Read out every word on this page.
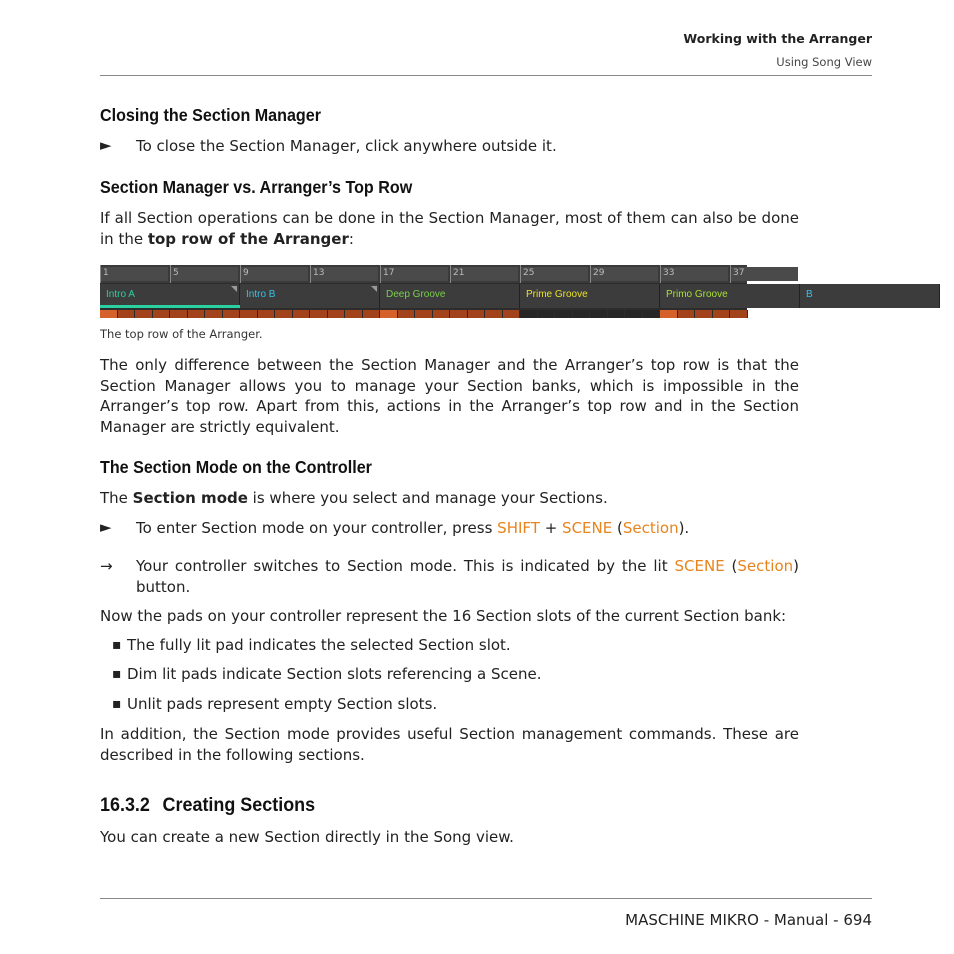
Working with the Arranger
Using Song View
Closing the Section Manager
► To close the Section Manager, click anywhere outside it.
Section Manager vs. Arranger’s Top Row

If all Section operations can be done in the Section Manager, most of them can also be done in the top row of the Arranger:

1	5	9	13	17	21	25	29	33	37
Intro A	Intro B	Deep Groove	Prime Groove	Primo Groove	B
The top row of the Arranger.

The only difference between the Section Manager and the Arranger’s top row is that the Section Manager allows you to manage your Section banks, which is impossible in the Arranger’s top row. Apart from this, actions in the Arranger’s top row and in the Section Manager are strictly equivalent.

The Section Mode on the Controller

The Section mode is where you select and manage your Sections.

► To enter Section mode on your controller, press SHIFT + SCENE (Section).
→ Your controller switches to Section mode. This is indicated by the lit SCENE (Section) button.

Now the pads on your controller represent the 16 Section slots of the current Section bank:

▪ The fully lit pad indicates the selected Section slot.
▪ Dim lit pads indicate Section slots referencing a Scene.
▪ Unlit pads represent empty Section slots.

In addition, the Section mode provides useful Section management commands. These are described in the following sections.

16.3.2 Creating Sections

You can create a new Section directly in the Song view.

MASCHINE MIKRO - Manual - 694
